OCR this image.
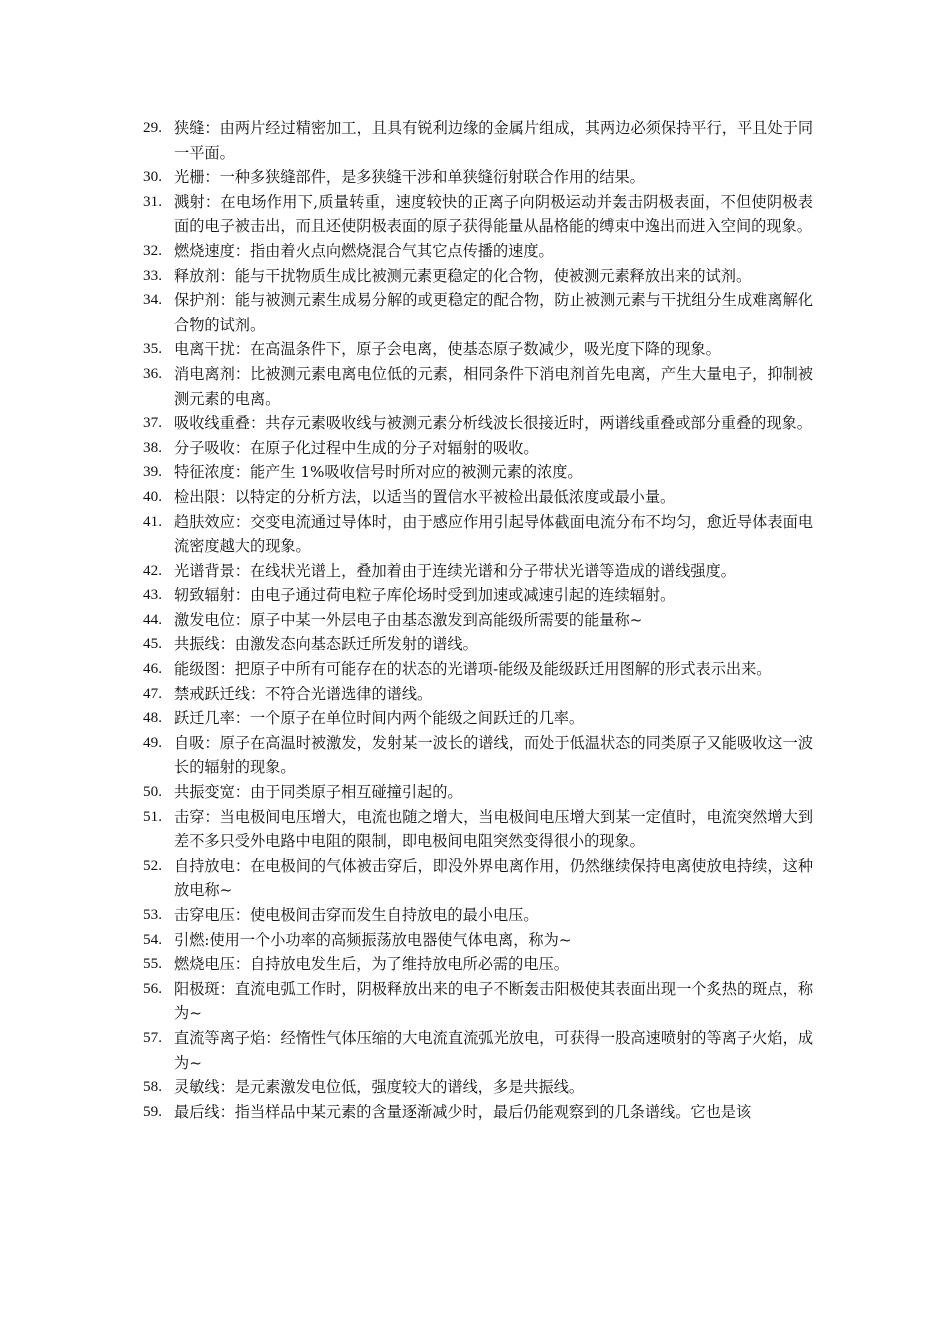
29. 狭缝：由两片经过精密加工，且具有锐利边缘的金属片组成，其两边必须保持平行，平且处于同一平面。
30. 光栅：一种多狭缝部件，是多狭缝干涉和单狭缝衍射联合作用的结果。
31. 溅射：在电场作用下,质量转重，速度较快的正离子向阴极运动并轰击阴极表面，不但使阴极表面的电子被击出，而且还使阴极表面的原子获得能量从晶格能的缚束中逸出而进入空间的现象。
32. 燃烧速度：指由着火点向燃烧混合气其它点传播的速度。
33. 释放剂：能与干扰物质生成比被测元素更稳定的化合物，使被测元素释放出来的试剂。
34. 保护剂：能与被测元素生成易分解的或更稳定的配合物，防止被测元素与干扰组分生成难离解化合物的试剂。
35. 电离干扰：在高温条件下，原子会电离，使基态原子数减少，吸光度下降的现象。
36. 消电离剂：比被测元素电离电位低的元素，相同条件下消电剂首先电离，产生大量电子，抑制被测元素的电离。
37. 吸收线重叠：共存元素吸收线与被测元素分析线波长很接近时，两谱线重叠或部分重叠的现象。
38. 分子吸收：在原子化过程中生成的分子对辐射的吸收。
39. 特征浓度：能产生 1%吸收信号时所对应的被测元素的浓度。
40. 检出限：以特定的分析方法，以适当的置信水平被检出最低浓度或最小量。
41. 趋肤效应：交变电流通过导体时，由于感应作用引起导体截面电流分布不均匀，愈近导体表面电流密度越大的现象。
42. 光谱背景：在线状光谱上，叠加着由于连续光谱和分子带状光谱等造成的谱线强度。
43. 轫致辐射：由电子通过荷电粒子库伦场时受到加速或减速引起的连续辐射。
44. 激发电位：原子中某一外层电子由基态激发到高能级所需要的能量称~
45. 共振线：由激发态向基态跃迁所发射的谱线。
46. 能级图：把原子中所有可能存在的状态的光谱项-能级及能级跃迁用图解的形式表示出来。
47. 禁戒跃迁线：不符合光谱选律的谱线。
48. 跃迁几率：一个原子在单位时间内两个能级之间跃迁的几率。
49. 自吸：原子在高温时被激发，发射某一波长的谱线，而处于低温状态的同类原子又能吸收这一波长的辐射的现象。
50. 共振变宽：由于同类原子相互碰撞引起的。
51. 击穿：当电极间电压增大，电流也随之增大，当电极间电压增大到某一定值时，电流突然增大到差不多只受外电路中电阻的限制，即电极间电阻突然变得很小的现象。
52. 自持放电：在电极间的气体被击穿后，即没外界电离作用，仍然继续保持电离使放电持续，这种放电称~
53. 击穿电压：使电极间击穿而发生自持放电的最小电压。
54. 引燃:使用一个小功率的高频振荡放电器使气体电离，称为~
55. 燃烧电压：自持放电发生后，为了维持放电所必需的电压。
56. 阳极斑：直流电弧工作时，阴极释放出来的电子不断轰击阳极使其表面出现一个炙热的斑点，称为~
57. 直流等离子焰：经惰性气体压缩的大电流直流弧光放电，可获得一股高速喷射的等离子火焰，成为~
58. 灵敏线：是元素激发电位低，强度较大的谱线，多是共振线。
59. 最后线：指当样品中某元素的含量逐渐减少时，最后仍能观察到的几条谱线。它也是该
